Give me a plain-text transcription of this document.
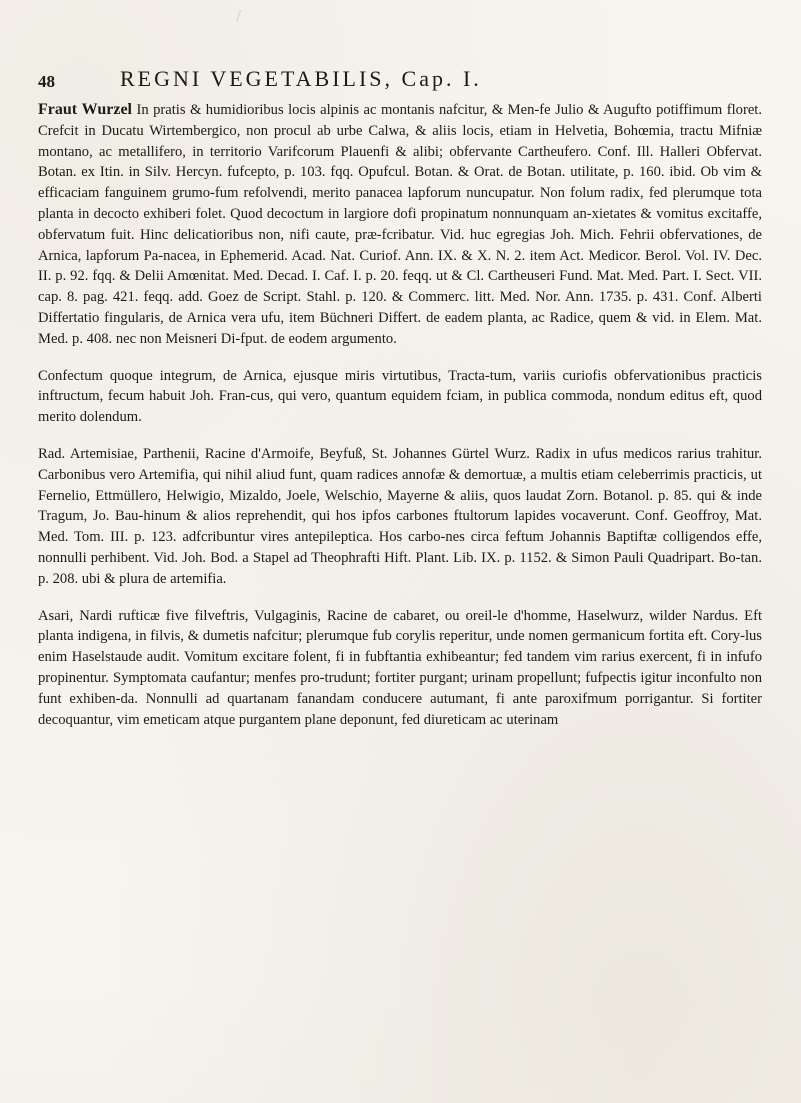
/
48	REGNI VEGETABILIS, Cap. I.

Fraut Wurzel In pratis & humidioribus locis alpinis ac montanis nafcitur, & Men-fe Julio & Augufto potiffimum floret. Crefcit in Ducatu Wirtembergico, non procul ab urbe Calwa, & aliis locis, etiam in Helvetia, Bohœmia, tractu Mifniæ montano, ac metallifero, in territorio Varifcorum Plauenfi & alibi; obfervante Cartheufero. Conf. Ill. Halleri Obfervat. Botan. ex Itin. in Silv. Hercyn. fufcepto, p. 103. fqq. Opufcul. Botan. & Orat. de Botan. utilitate, p. 160. ibid. Ob vim & efficaciam fanguinem grumo-fum refolvendi, merito panacea lapforum nuncupatur. Non folum radix, fed plerumque tota planta in decocto exhiberi folet. Quod decoctum in largiore dofi propinatum nonnunquam an-xietates & vomitus excitaffe, obfervatum fuit. Hinc delicatioribus non, nifi caute, præ-fcribatur. Vid. huc egregias Joh. Mich. Fehrii obfervationes, de Arnica, lapforum Pa-nacea, in Ephemerid. Acad. Nat. Curiof. Ann. IX. & X. N. 2. item Act. Medicor. Berol. Vol. IV. Dec. II. p. 92. fqq. & Delii Amœnitat. Med. Decad. I. Caf. I. p. 20. feqq. ut & Cl. Cartheuseri Fund. Mat. Med. Part. I. Sect. VII. cap. 8. pag. 421. feqq. add. Goez de Script. Stahl. p. 120. & Commerc. litt. Med. Nor. Ann. 1735. p. 431. Conf. Alberti Differtatio fingularis, de Arnica vera ufu, item Büchneri Differt. de eadem planta, ac Radice, quem & vid. in Elem. Mat. Med. p. 408. nec non Meisneri Di-fput. de eodem argumento.

Confectum quoque integrum, de Arnica, ejusque miris virtutibus, Tracta-tum, variis curiofis obfervationibus practicis inftructum, fecum habuit Joh. Fran-cus, qui vero, quantum equidem fciam, in publica commoda, nondum editus eft, quod merito dolendum.

Rad. Artemisiae, Parthenii, Racine d'Armoife, Beyfuß, St. Johannes Gürtel Wurz. Radix in ufus medicos rarius trahitur. Carbonibus vero Artemifia, qui nihil aliud funt, quam radices annofæ & demortuæ, a multis etiam celeberrimis practicis, ut Fernelio, Ettmüllero, Helwigio, Mizaldo, Joele, Welschio, Mayerne & aliis, quos laudat Zorn. Botanol. p. 85. qui & inde Tragum, Jo. Bau-hinum & alios reprehendit, qui hos ipfos carbones ftultorum lapides vocaverunt. Conf. Geoffroy, Mat. Med. Tom. III. p. 123. adfcribuntur vires antepileptica. Hos carbo-nes circa feftum Johannis Baptiftæ colligendos effe, nonnulli perhibent. Vid. Joh. Bod. a Stapel ad Theophrafti Hift. Plant. Lib. IX. p. 1152. & Simon Pauli Quadripart. Bo-tan. p. 208. ubi & plura de artemifia.

Asari, Nardi rufticæ five filveftris, Vulgaginis, Racine de cabaret, ou oreil-le d'homme, Haselwurz, wilder Nardus. Eft planta indigena, in filvis, & dumetis nafcitur; plerumque fub corylis reperitur, unde nomen germanicum fortita eft. Cory-lus enim Haselstaude audit. Vomitum excitare folent, fi in fubftantia exhibeantur; fed tandem vim rarius exercent, fi in infufo propinentur. Symptomata caufantur; menfes pro-trudunt; fortiter purgant; urinam propellunt; fufpectis igitur inconfulto non funt exhiben-da. Nonnulli ad quartanam fanandam conducere autumant, fi ante paroxifmum porrigantur. Si fortiter decoquantur, vim emeticam atque purgantem plane deponunt, fed diureticam ac uterinam
